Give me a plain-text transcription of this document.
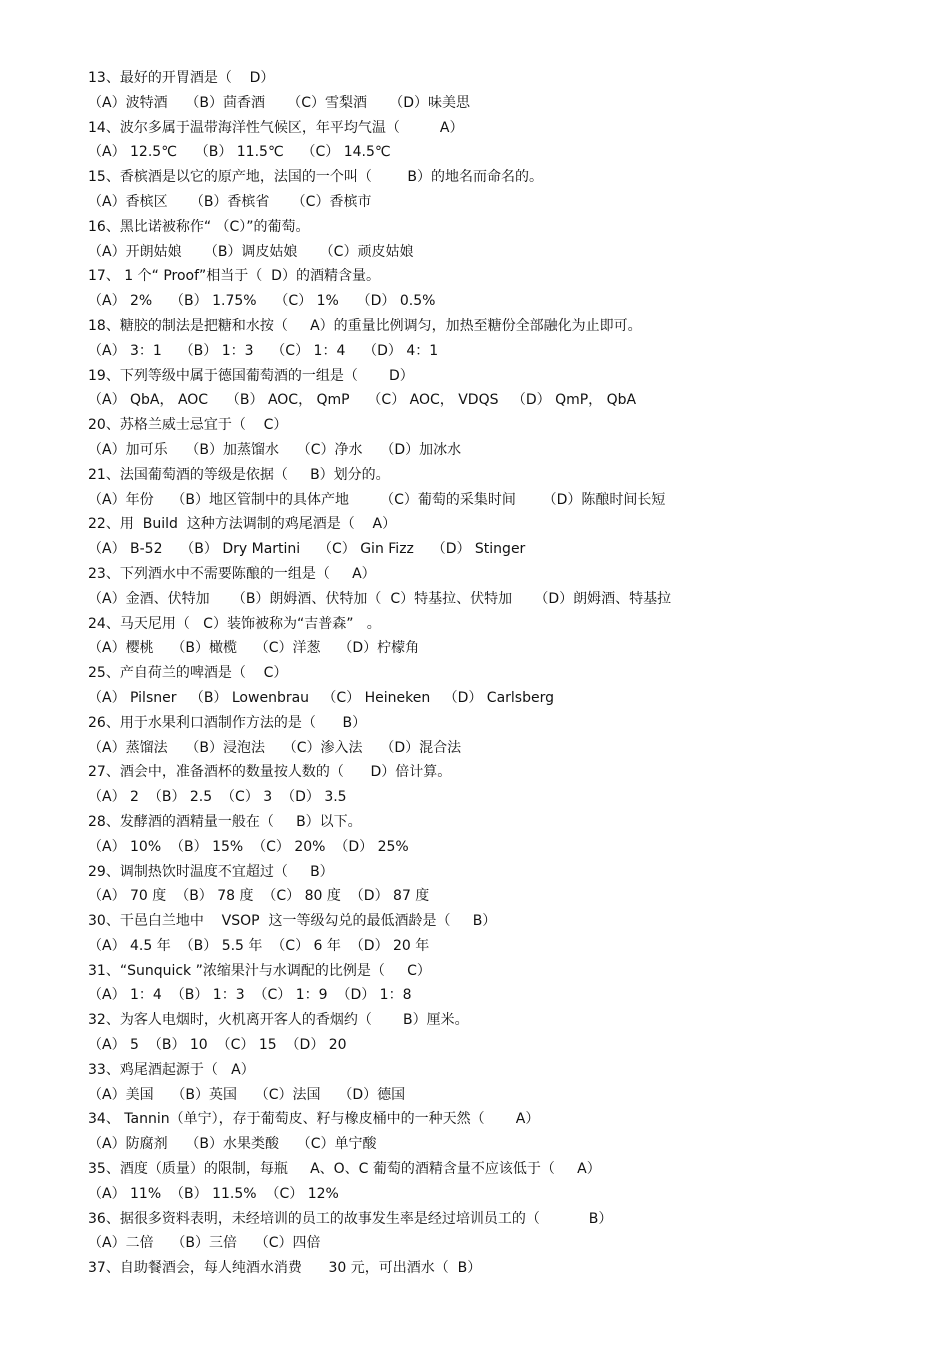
13、最好的开胃酒是（    D）

（A）波特酒    （B）茴香酒     （C）雪梨酒     （D）味美思

14、波尔多属于温带海洋性气候区，年平均气温（         A）

（A） 12.5℃    （B） 11.5℃    （C） 14.5℃

15、香槟酒是以它的原产地，法国的一个叫（        B）的地名而命名的。

（A）香槟区     （B）香槟省     （C）香槟市

16、黑比诺被称作“ （C）”的葡萄。

（A）开朗姑娘     （B）调皮姑娘     （C）顽皮姑娘

17、 1 个“ Proof”相当于（  D）的酒精含量。

（A） 2%    （B） 1.75%    （C） 1%    （D） 0.5%

18、糖胶的制法是把糖和水按（     A）的重量比例调匀，加热至糖份全部融化为止即可。

（A） 3：1    （B） 1：3    （C） 1：4    （D） 4：1

19、下列等级中属于德国葡萄酒的一组是（       D）

（A） QbA， AOC    （B） AOC， QmP    （C） AOC， VDQS   （D） QmP， QbA

20、苏格兰威士忌宜于（    C）

（A）加可乐    （B）加蒸馏水    （C）净水    （D）加冰水

21、法国葡萄酒的等级是依据（     B）划分的。

（A）年份    （B）地区管制中的具体产地       （C）葡萄的采集时间      （D）陈酿时间长短

22、用  Build  这种方法调制的鸡尾酒是（    A）

（A） B-52    （B） Dry Martini    （C） Gin Fizz    （D） Stinger

23、下列酒水中不需要陈酿的一组是（     A）

（A）金酒、伏特加     （B）朗姆酒、伏特加（  C）特基拉、伏特加     （D）朗姆酒、特基拉

24、马天尼用（   C）装饰被称为“吉普森”   。

（A）樱桃    （B）橄榄    （C）洋葱    （D）柠檬角

25、产自荷兰的啤酒是（    C）

（A） Pilsner   （B） Lowenbrau   （C） Heineken   （D） Carlsberg

26、用于水果利口酒制作方法的是（      B）

（A）蒸馏法    （B）浸泡法    （C）渗入法    （D）混合法

27、酒会中，准备酒杯的数量按人数的（      D）倍计算。

（A） 2  （B） 2.5  （C） 3  （D） 3.5

28、发酵酒的酒精量一般在（     B）以下。

（A） 10%  （B） 15%  （C） 20%  （D） 25%

29、调制热饮时温度不宜超过（     B）

（A） 70 度  （B） 78 度  （C） 80 度  （D） 87 度

30、干邑白兰地中    VSOP  这一等级勾兑的最低酒龄是（     B）

（A） 4.5 年  （B） 5.5 年  （C） 6 年  （D） 20 年

31、“Sunquick ”浓缩果汁与水调配的比例是（     C）

（A） 1：4  （B） 1：3  （C） 1：9  （D） 1：8

32、为客人电烟时，火机离开客人的香烟约（       B）厘米。

（A） 5  （B） 10  （C） 15  （D） 20

33、鸡尾酒起源于（   A）

（A）美国    （B）英国    （C）法国    （D）德国

34、 Tannin（单宁），存于葡萄皮、籽与橡皮桶中的一种天然（       A）

（A）防腐剂    （B）水果类酸    （C）单宁酸

35、酒度（质量）的限制，每瓶     A、O、C 葡萄的酒精含量不应该低于（     A）

（A） 11%  （B） 11.5%  （C） 12%

36、据很多资料表明，未经培训的员工的故事发生率是经过培训员工的（           B）

（A）二倍    （B）三倍    （C）四倍

37、自助餐酒会，每人纯酒水消费      30 元，可出酒水（  B）
